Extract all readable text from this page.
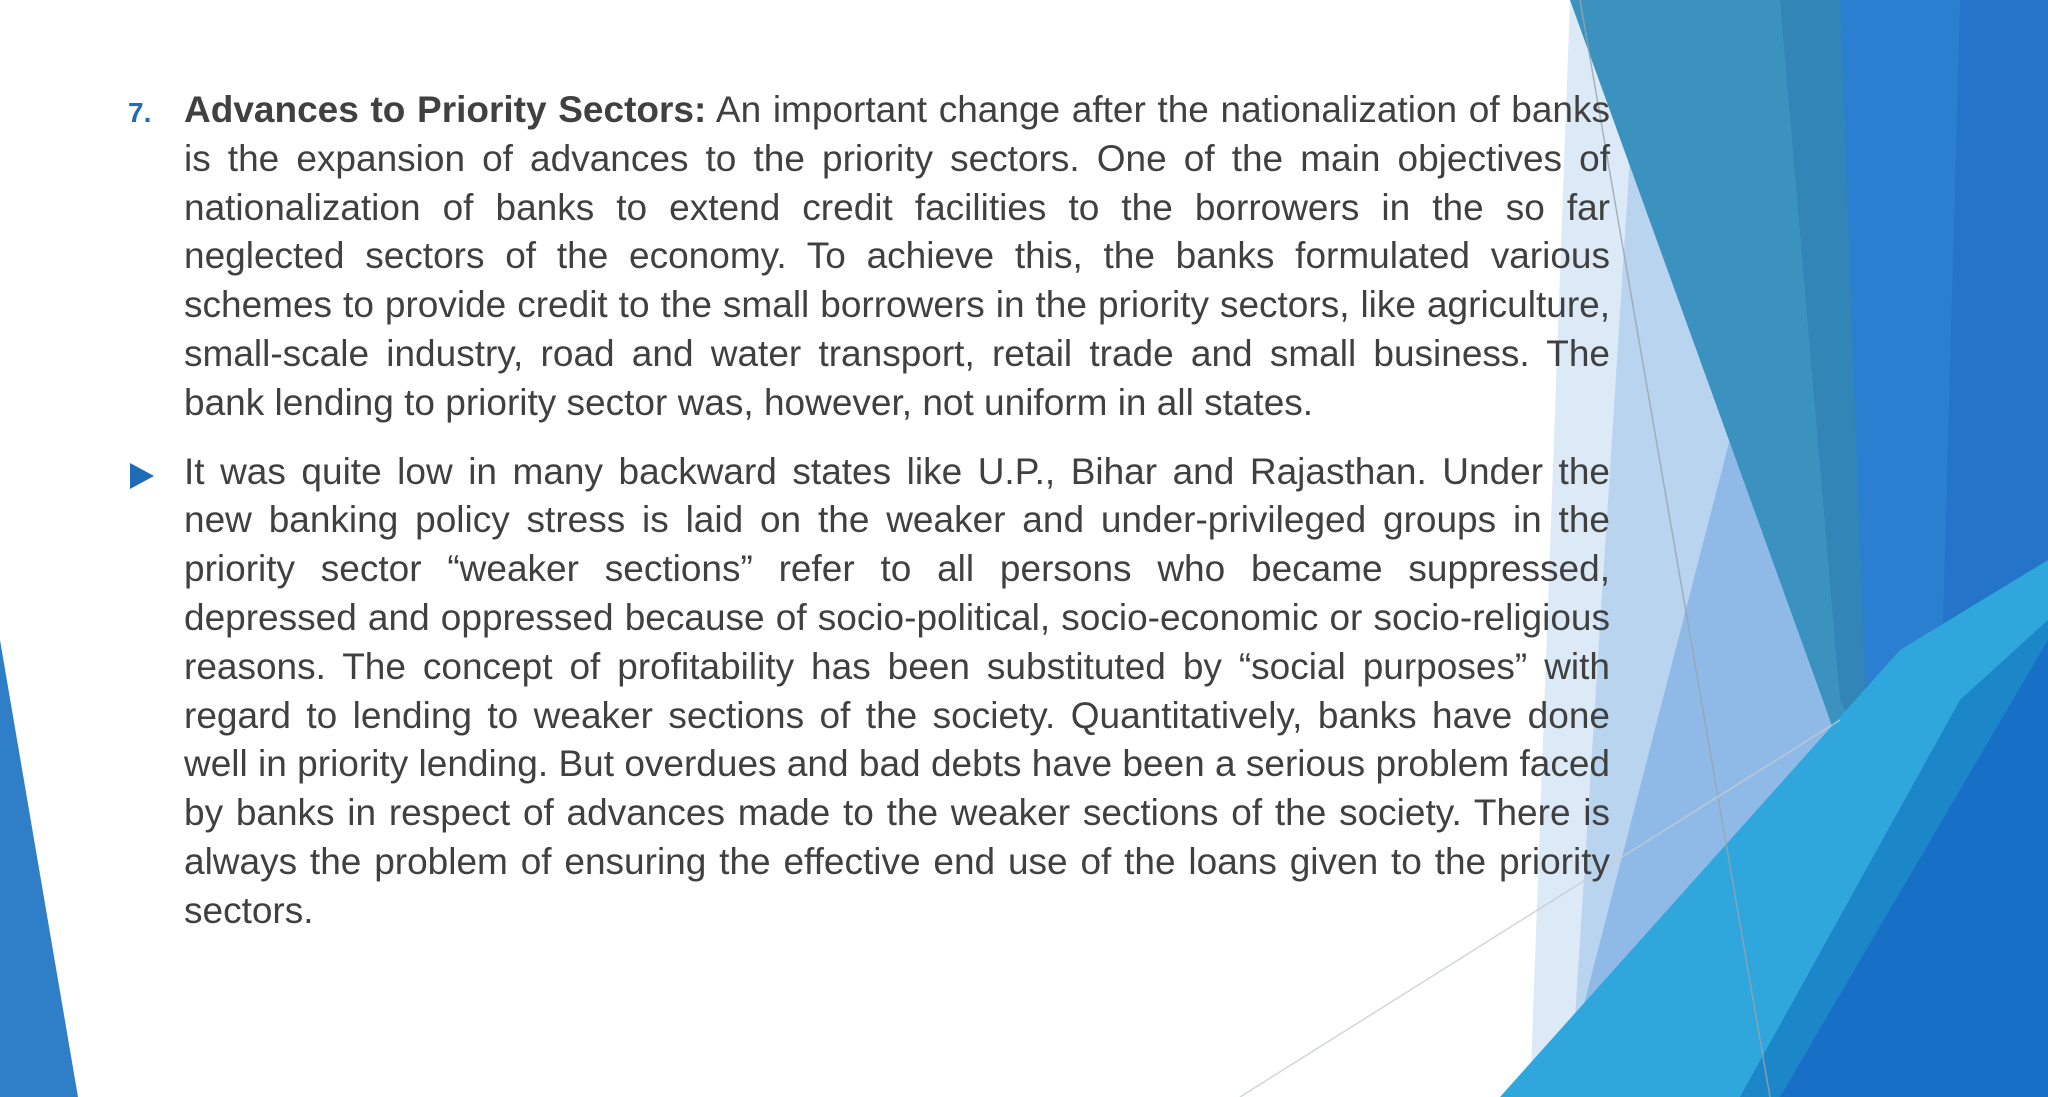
7. Advances to Priority Sectors: An important change after the nationalization of banks is the expansion of advances to the priority sectors. One of the main objectives of nationalization of banks to extend credit facilities to the borrowers in the so far neglected sectors of the economy. To achieve this, the banks formulated various schemes to provide credit to the small borrowers in the priority sectors, like agriculture, small-scale industry, road and water transport, retail trade and small business. The bank lending to priority sector was, however, not uniform in all states.
It was quite low in many backward states like U.P., Bihar and Rajasthan. Under the new banking policy stress is laid on the weaker and under-privileged groups in the priority sector “weaker sections” refer to all persons who became suppressed, depressed and oppressed because of socio-political, socio-economic or socio-religious reasons. The concept of profitability has been substituted by “social purposes” with regard to lending to weaker sections of the society. Quantitatively, banks have done well in priority lending. But overdues and bad debts have been a serious problem faced by banks in respect of advances made to the weaker sections of the society. There is always the problem of ensuring the effective end use of the loans given to the priority sectors.
